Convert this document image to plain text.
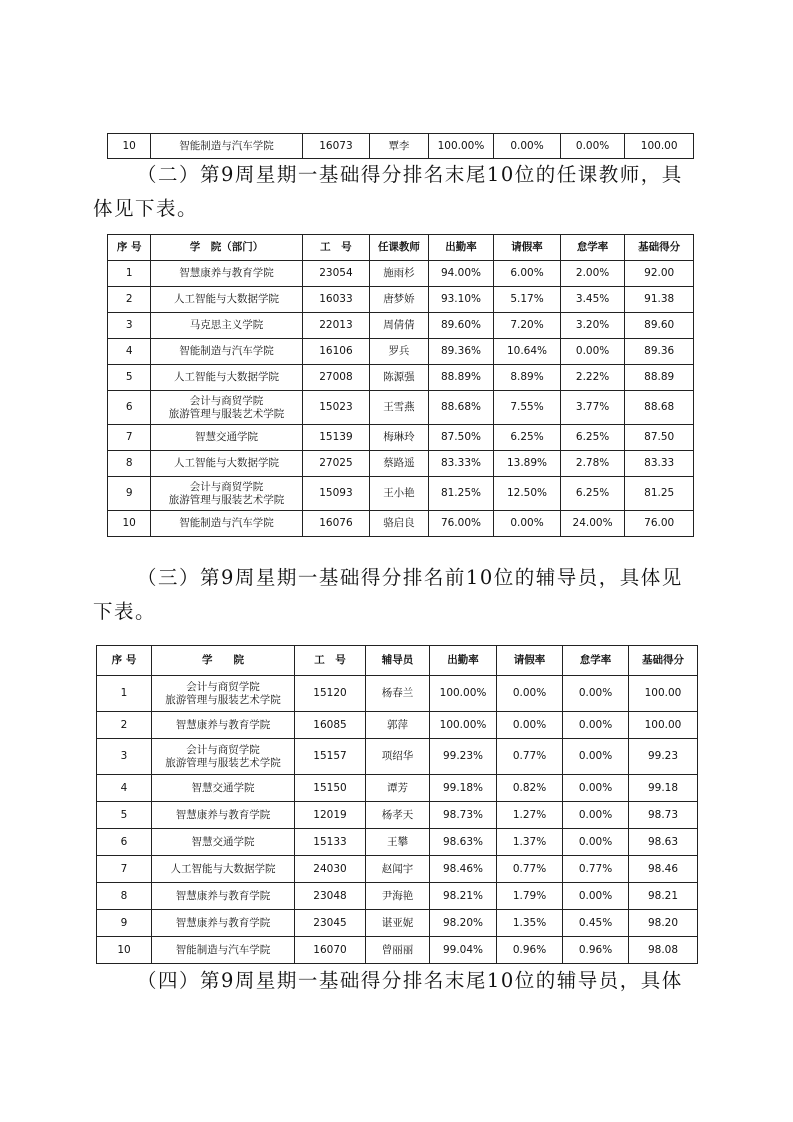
10	智能制造与汽车学院	16073	覃李	100.00%	0.00%	0.00%	100.00

（二）第9周星期一基础得分排名末尾10位的任课教师，具体见下表。

序 号	学　院（部门）	工　号	任课教师	出勤率	请假率	怠学率	基础得分
1	智慧康养与教育学院	23054	施雨杉	94.00%	6.00%	2.00%	92.00
2	人工智能与大数据学院	16033	唐梦娇	93.10%	5.17%	3.45%	91.38
3	马克思主义学院	22013	周倩倩	89.60%	7.20%	3.20%	89.60
4	智能制造与汽车学院	16106	罗兵	89.36%	10.64%	0.00%	89.36
5	人工智能与大数据学院	27008	陈源强	88.89%	8.89%	2.22%	88.89
6	会计与商贸学院
旅游管理与服装艺术学院	15023	王雪燕	88.68%	7.55%	3.77%	88.68
7	智慧交通学院	15139	梅琳玲	87.50%	6.25%	6.25%	87.50
8	人工智能与大数据学院	27025	蔡路遥	83.33%	13.89%	2.78%	83.33
9	会计与商贸学院
旅游管理与服装艺术学院	15093	王小艳	81.25%	12.50%	6.25%	81.25
10	智能制造与汽车学院	16076	骆启良	76.00%	0.00%	24.00%	76.00

（三）第9周星期一基础得分排名前10位的辅导员，具体见下表。

序 号	学　　院	工　号	辅导员	出勤率	请假率	怠学率	基础得分
1	会计与商贸学院
旅游管理与服装艺术学院	15120	杨春兰	100.00%	0.00%	0.00%	100.00
2	智慧康养与教育学院	16085	郭萍	100.00%	0.00%	0.00%	100.00
3	会计与商贸学院
旅游管理与服装艺术学院	15157	项绍华	99.23%	0.77%	0.00%	99.23
4	智慧交通学院	15150	谭芳	99.18%	0.82%	0.00%	99.18
5	智慧康养与教育学院	12019	杨孝天	98.73%	1.27%	0.00%	98.73
6	智慧交通学院	15133	王攀	98.63%	1.37%	0.00%	98.63
7	人工智能与大数据学院	24030	赵闻宇	98.46%	0.77%	0.77%	98.46
8	智慧康养与教育学院	23048	尹海艳	98.21%	1.79%	0.00%	98.21
9	智慧康养与教育学院	23045	谌亚妮	98.20%	1.35%	0.45%	98.20
10	智能制造与汽车学院	16070	曾丽丽	99.04%	0.96%	0.96%	98.08

（四）第9周星期一基础得分排名末尾10位的辅导员，具体
